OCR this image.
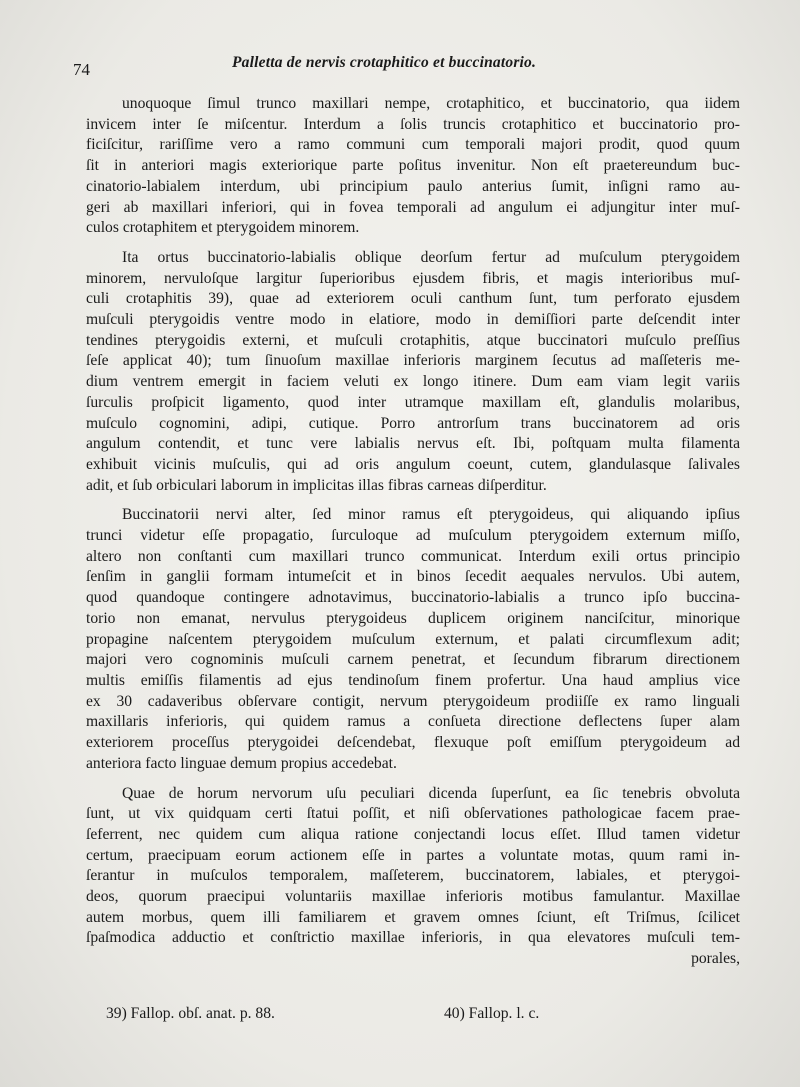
74	Palletta de nervis crotaphitico et buccinatorio.
unoquoque ſimul trunco maxillari nempe, crotaphitico, et buccinatorio, qua iidem
invicem inter ſe miſcentur. Interdum a ſolis truncis crotaphitico et buccinatorio pro-
ficiſcitur, rariſſime vero a ramo communi cum temporali majori prodit, quod quum
ſit in anteriori magis exteriorique parte poſitus invenitur. Non eſt praetereundum buc-
cinatorio-labialem interdum, ubi principium paulo anterius ſumit, inſigni ramo au-
geri ab maxillari inferiori, qui in fovea temporali ad angulum ei adjungitur inter muſ-
culos crotaphitem et pterygoidem minorem.
Ita ortus buccinatorio-labialis oblique deorſum fertur ad muſculum pterygoidem
minorem, nervuloſque largitur ſuperioribus ejusdem fibris, et magis interioribus muſ-
culi crotaphitis 39), quae ad exteriorem oculi canthum ſunt, tum perforato ejusdem
muſculi pterygoidis ventre modo in elatiore, modo in demiſſiori parte deſcendit inter
tendines pterygoidis externi, et muſculi crotaphitis, atque buccinatori muſculo preſſius
ſeſe applicat 40); tum ſinuoſum maxillae inferioris marginem ſecutus ad maſſeteris me-
dium ventrem emergit in faciem veluti ex longo itinere. Dum eam viam legit variis
ſurculis proſpicit ligamento, quod inter utramque maxillam eſt, glandulis molaribus,
muſculo cognomini, adipi, cutique. Porro antrorſum trans buccinatorem ad oris
angulum contendit, et tunc vere labialis nervus eſt. Ibi, poſtquam multa filamenta
exhibuit vicinis muſculis, qui ad oris angulum coeunt, cutem, glandulasque ſalivales
adit, et ſub orbiculari laborum in implicitas illas fibras carneas diſperditur.
Buccinatorii nervi alter, ſed minor ramus eſt pterygoideus, qui aliquando ipſius
trunci videtur eſſe propagatio, ſurculoque ad muſculum pterygoidem externum miſſo,
altero non conſtanti cum maxillari trunco communicat. Interdum exili ortus principio
ſenſim in ganglii formam intumeſcit et in binos ſecedit aequales nervulos. Ubi autem,
quod quandoque contingere adnotavimus, buccinatorio-labialis a trunco ipſo buccina-
torio non emanat, nervulus pterygoideus duplicem originem nanciſcitur, minorique
propagine naſcentem pterygoidem muſculum externum, et palati circumflexum adit;
majori vero cognominis muſculi carnem penetrat, et ſecundum fibrarum directionem
multis emiſſis filamentis ad ejus tendinoſum finem profertur. Una haud amplius vice
ex 30 cadaveribus obſervare contigit, nervum pterygoideum prodiiſſe ex ramo linguali
maxillaris inferioris, qui quidem ramus a conſueta directione deflectens ſuper alam
exteriorem proceſſus pterygoidei deſcendebat, flexuque poſt emiſſum pterygoideum ad
anteriora facto linguae demum propius accedebat.
Quae de horum nervorum uſu peculiari dicenda ſuperſunt, ea ſic tenebris obvoluta
ſunt, ut vix quidquam certi ſtatui poſſit, et niſi obſervationes pathologicae facem prae-
ſeferrent, nec quidem cum aliqua ratione conjectandi locus eſſet. Illud tamen videtur
certum, praecipuam eorum actionem eſſe in partes a voluntate motas, quum rami in-
ſerantur in muſculos temporalem, maſſeterem, buccinatorem, labiales, et pterygoi-
deos, quorum praecipui voluntariis maxillae inferioris motibus famulantur. Maxillae
autem morbus, quem illi familiarem et gravem omnes ſciunt, eſt Triſmus, ſcilicet
ſpaſmodica adductio et conſtrictio maxillae inferioris, in qua elevatores muſculi tem-
porales,
39) Fallop. obſ. anat. p. 88.	40) Fallop. l. c.
